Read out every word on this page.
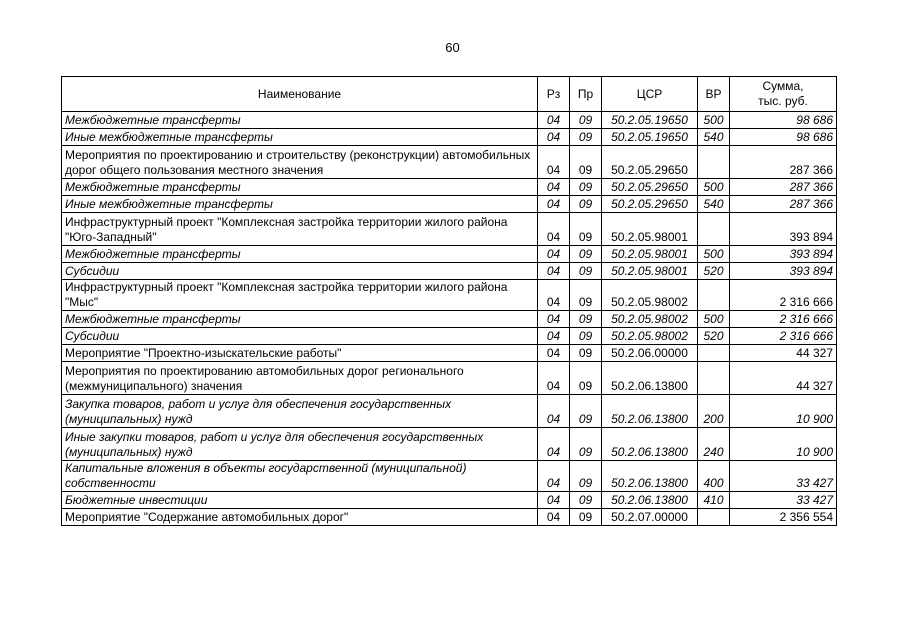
60
Наименование	Рз	Пр	ЦСР	ВР	Сумма,
тыс. руб.

Межбюджетные трансферты	04	09	50.2.05.19650	500	98 686
Иные межбюджетные трансферты	04	09	50.2.05.19650	540	98 686
Мероприятия по проектированию и строительству (реконструкции) автомобильных дорог общего пользования местного значения	04	09	50.2.05.29650		287 366
Межбюджетные трансферты	04	09	50.2.05.29650	500	287 366
Иные межбюджетные трансферты	04	09	50.2.05.29650	540	287 366
Инфраструктурный проект "Комплексная застройка территории жилого района "Юго-Западный"	04	09	50.2.05.98001		393 894
Межбюджетные трансферты	04	09	50.2.05.98001	500	393 894
Субсидии	04	09	50.2.05.98001	520	393 894
Инфраструктурный проект "Комплексная застройка территории жилого района "Мыс"	04	09	50.2.05.98002		2 316 666
Межбюджетные трансферты	04	09	50.2.05.98002	500	2 316 666
Субсидии	04	09	50.2.05.98002	520	2 316 666
Мероприятие "Проектно-изыскательские работы"	04	09	50.2.06.00000		44 327
Мероприятия по проектированию автомобильных дорог регионального (межмуниципального) значения	04	09	50.2.06.13800		44 327
Закупка товаров, работ и услуг для обеспечения государственных (муниципальных) нужд	04	09	50.2.06.13800	200	10 900
Иные закупки товаров, работ и услуг для обеспечения государственных (муниципальных) нужд	04	09	50.2.06.13800	240	10 900
Капитальные вложения в объекты государственной (муниципальной) собственности	04	09	50.2.06.13800	400	33 427
Бюджетные инвестиции	04	09	50.2.06.13800	410	33 427
Мероприятие "Содержание автомобильных дорог"	04	09	50.2.07.00000		2 356 554
